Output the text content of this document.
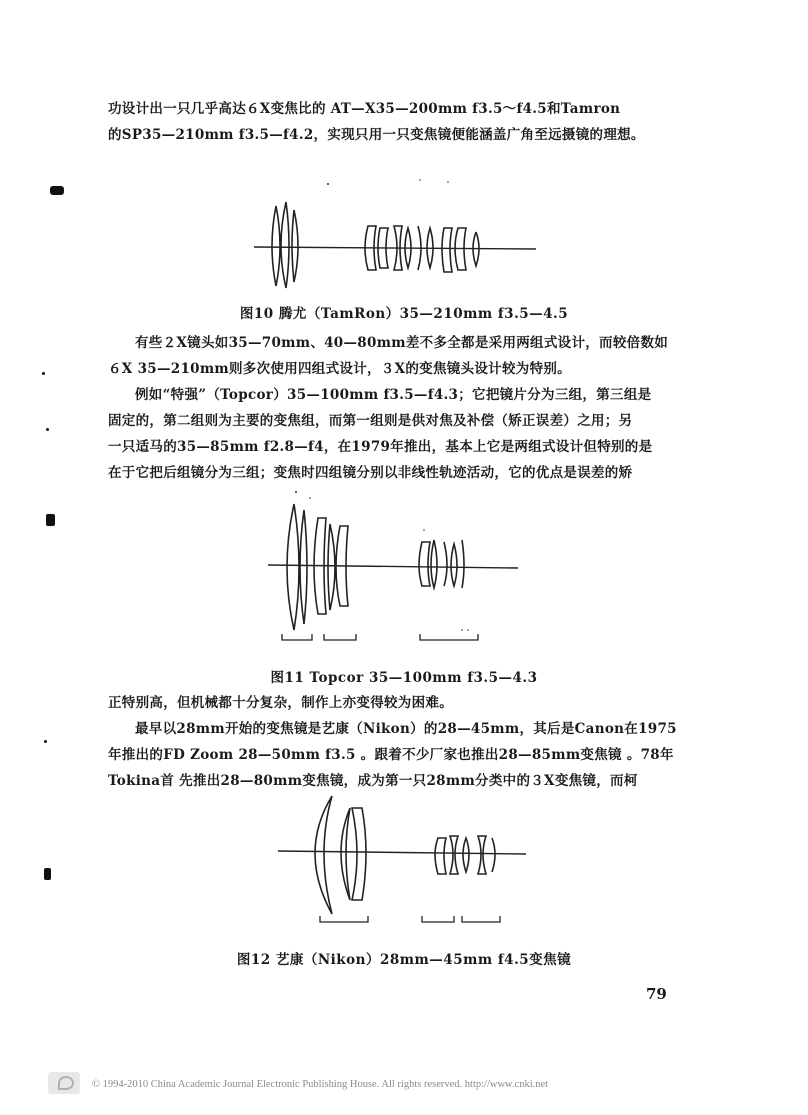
功设计出一只几乎高达６X变焦比的 AT—X35—200mm f3.5～f4.5和Tamron
的SP35—210mm f3.5—f4.2，实现只用一只变焦镜便能涵盖广角至远摄镜的理想。
图10 腾尤（TamRon）35—210mm f3.5—4.5
有些２X镜头如35—70mm、40—80mm差不多全都是采用两组式设计，而较倍数如
６X 35—210mm则多次使用四组式设计，３X的变焦镜头设计较为特别。
例如“特强”（Topcor）35—100mm f3.5—f4.3；它把镜片分为三组，第三组是
固定的，第二组则为主要的变焦组，而第一组则是供对焦及补偿（矫正误差）之用；另
一只适马的35—85mm f2.8—f4，在1979年推出，基本上它是两组式设计但特别的是
在于它把后组镜分为三组；变焦时四组镜分别以非线性轨迹活动，它的优点是误差的矫
图11 Topcor 35—100mm f3.5—4.3
正特别高，但机械都十分复杂，制作上亦变得较为困难。
最早以28mm开始的变焦镜是艺康（Nikon）的28—45mm，其后是Canon在1975
年推出的FD Zoom 28—50mm f3.5 。跟着不少厂家也推出28—85mm变焦镜 。78年
Tokina首 先推出28—80mm变焦镜，成为第一只28mm分类中的３X变焦镜，而柯
图12 艺康（Nikon）28mm—45mm f4.5变焦镜
79
© 1994-2010 China Academic Journal Electronic Publishing House. All rights reserved. http://www.cnki.net
